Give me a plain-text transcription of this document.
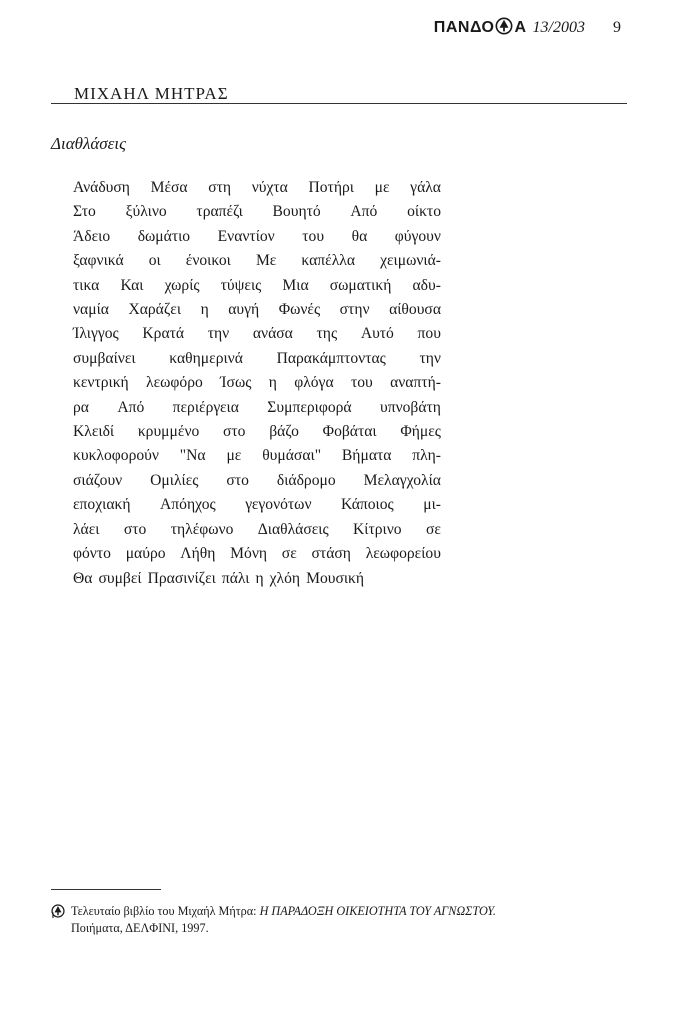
ΠΑΝΔΟ Α 13/2003 9
ΜΙΧΑΗΛ ΜΗΤΡΑΣ
Διαθλάσεις
Ανάδυση Μέσα στη νύχτα Ποτήρι με γάλα
Στο ξύλινο τραπέζι Βουητό Από οίκτο
Άδειο δωμάτιο Εναντίον του θα φύγουν
ξαφνικά οι ένοικοι Με καπέλλα χειμωνιά-
τικα Και χωρίς τύψεις Μια σωματική αδυ-
ναμία Χαράζει η αυγή Φωνές στην αίθουσα
Ίλιγγος Κρατά την ανάσα της Αυτό που
συμβαίνει καθημερινά Παρακάμπτοντας την
κεντρική λεωφόρο Ίσως η φλόγα του αναπτή-
ρα Από περιέργεια Συμπεριφορά υπνοβάτη
Κλειδί κρυμμένο στο βάζο Φοβάται Φήμες
κυκλοφορούν "Να με θυμάσαι" Βήματα πλη-
σιάζουν Ομιλίες στο διάδρομο Μελαγχολία
εποχιακή Απόηχος γεγονότων Κάποιος μι-
λάει στο τηλέφωνο Διαθλάσεις Κίτρινο σε
φόντο μαύρο Λήθη Μόνη σε στάση λεωφορείου
Θα συμβεί Πρασινίζει πάλι η χλόη Μουσική
Τελευταίο βιβλίο του Μιχαήλ Μήτρα: Η ΠΑΡΑΔΟΞΗ ΟΙΚΕΙΟΤΗΤΑ ΤΟΥ ΑΓΝΩΣΤΟΥ.
Ποιήματα, ΔΕΛΦΙΝΙ, 1997.
